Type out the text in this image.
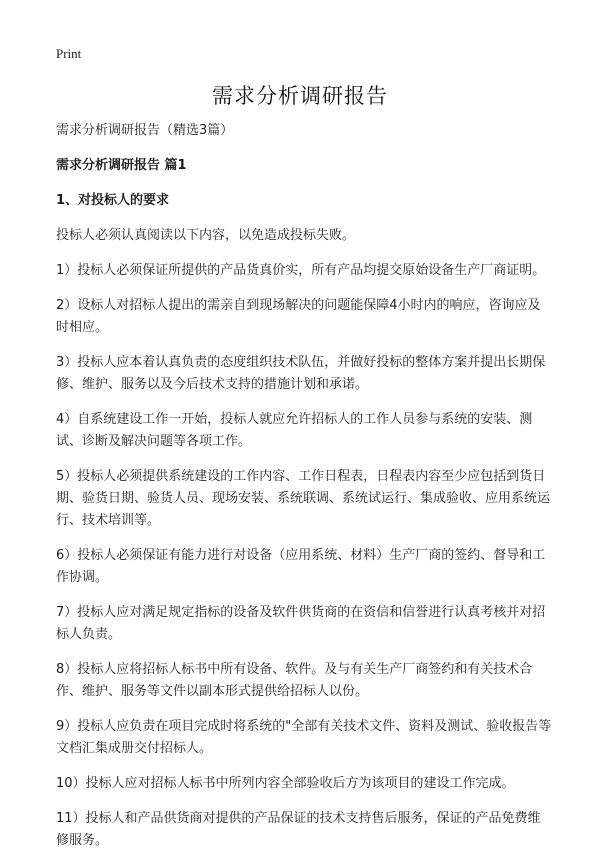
Print
需求分析调研报告

需求分析调研报告（精选3篇）

需求分析调研报告 篇1

1、对投标人的要求

投标人必须认真阅读以下内容，以免造成投标失败。

1）投标人必须保证所提供的产品货真价实，所有产品均提交原始设备生产厂商证明。

2）设标人对招标人提出的需亲自到现场解决的问题能保障4小时内的响应，咨询应及时相应。

3）投标人应本着认真负责的态度组织技术队伍，并做好投标的整体方案并提出长期保修、维护、服务以及今后技术支持的措施计划和承诺。

4）自系统建设工作一开始，投标人就应允许招标人的工作人员参与系统的安装、测试、诊断及解决问题等各项工作。

5）投标人必须提供系统建设的工作内容、工作日程表，日程表内容至少应包括到货日期、验货日期、验货人员、现场安装、系统联调、系统试运行、集成验收、应用系统运行、技术培训等。

6）投标人必须保证有能力进行对设备（应用系统、材料）生产厂商的签约、督导和工作协调。

7）投标人应对满足规定指标的设备及软件供货商的在资信和信誉进行认真考核并对招标人负责。

8）投标人应将招标人标书中所有设备、软件。及与有关生产厂商签约和有关技术合作、维护、服务等文件以副本形式提供给招标人以份。

9）投标人应负责在项目完成时将系统的"全部有关技术文件、资料及测试、验收报告等文档汇集成册交付招标人。

10）投标人应对招标人标书中所列内容全部验收后方为该项目的建设工作完成。

11）投标人和产品供货商对提供的产品保证的技术支持售后服务，保证的产品免费维修服务。
